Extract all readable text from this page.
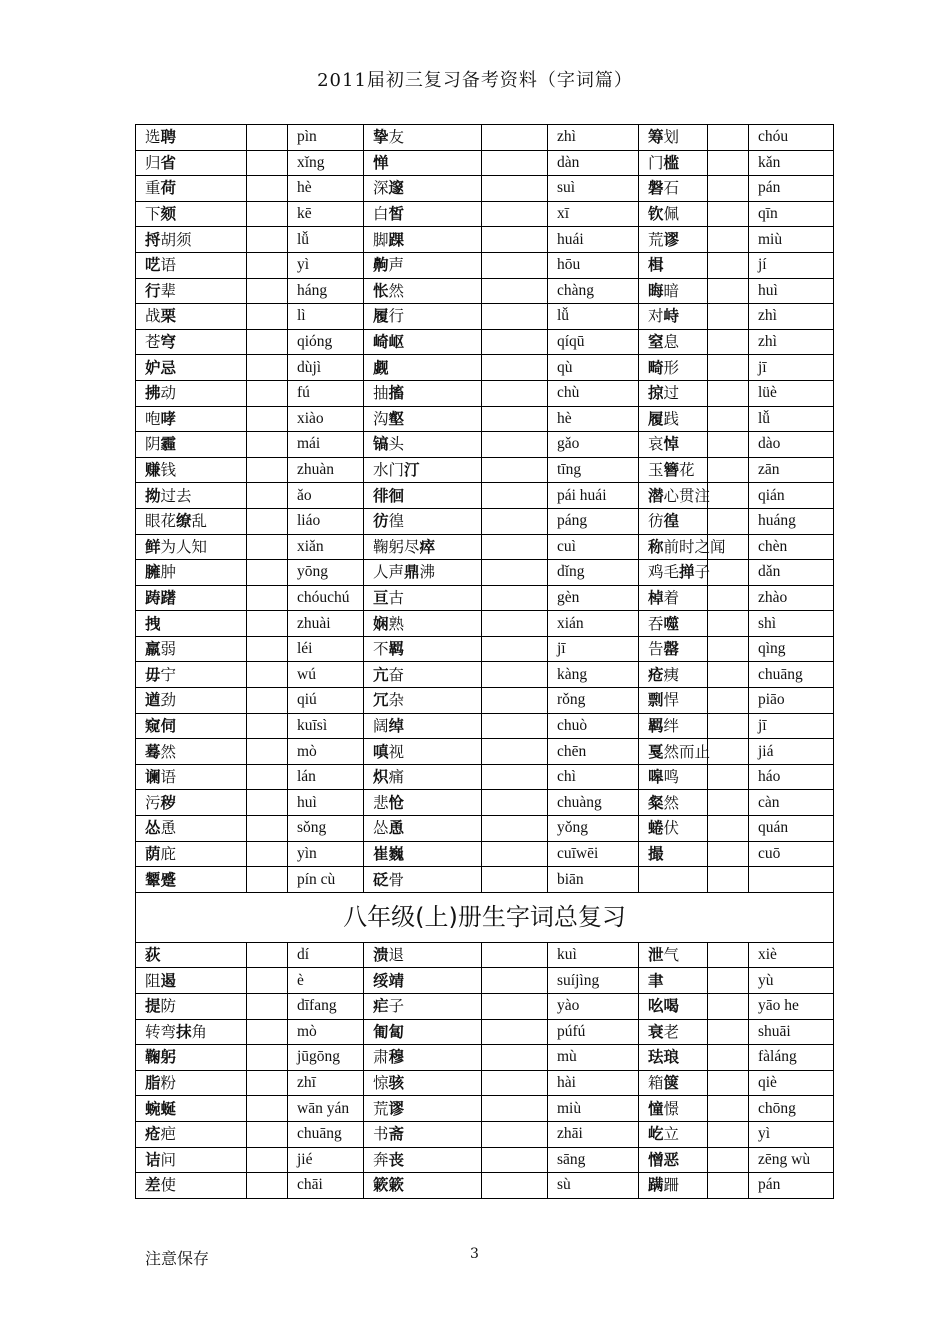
2011届初三复习备考资料（字词篇）
选聘		pìn	挚友		zhì	筹划		chóu
归省		xǐng	惮		dàn	门槛		kǎn
重荷		hè	深邃		suì	磐石		pán
下颏		kē	白皙		xī	钦佩		qīn
捋胡须		lǚ	脚踝		huái	荒谬		miù
呓语		yì	齁声		hōu	楫		jí
行辈		háng	怅然		chàng	晦暗		huì
战栗		lì	履行		lǚ	对峙		zhì
苍穹		qióng	崎岖		qíqū	窒息		zhì
妒忌		dùjì	觑		qù	畸形		jī
拂动		fú	抽搐		chù	掠过		lüè
咆哮		xiào	沟壑		hè	履践		lǚ
阴霾		mái	镐头		gǎo	哀悼		dào
赚钱		zhuàn	水门汀		tīng	玉簪花		zān
拗过去		ǎo	徘徊		pái huái	潜心贯注		qián
眼花缭乱		liáo	彷徨		páng	彷徨		huáng
鲜为人知		xiǎn	鞠躬尽瘁		cuì	称前时之闻		chèn
臃肿		yōng	人声鼎沸		dǐng	鸡毛掸子		dǎn
踌躇		chóuchú	亘古		gèn	棹着		zhào
拽		zhuài	娴熟		xián	吞噬		shì
羸弱		léi	不羁		jī	告罄		qìng
毋宁		wú	亢奋		kàng	疮痍		chuāng
遒劲		qiú	冗杂		rǒng	剽悍		piāo
窥伺		kuīsì	阔绰		chuò	羁绊		jī
蓦然		mò	嗔视		chēn	戛然而止		jiá
谰语		lán	炽痛		chì	嗥鸣		háo
污秽		huì	悲怆		chuàng	粲然		càn
怂恿		sǒng	怂恿		yǒng	蜷伏		quán
荫庇		yìn	崔巍		cuīwēi	撮		cuō
颦蹙		pín cù	砭骨		biān			
八年级(上)册生字词总复习								
荻		dí	溃退		kuì	泄气		xiè
阻遏		è	绥靖		suíjìng	聿		yù
提防		dīfang	疟子		yào	吆喝		yāo he
转弯抹角		mò	匍匐		púfú	衰老		shuāi
鞠躬		jūgōng	肃穆		mù	珐琅		fàláng
脂粉		zhī	惊骇		hài	箱箧		qiè
蜿蜒		wān yán	荒谬		miù	憧憬		chōng
疮疤		chuāng	书斋		zhāi	屹立		yì
诘问		jié	奔丧		sāng	憎恶		zēng wù
差使		chāi	簌簌		sù	蹒跚		pán
注意保存	3
